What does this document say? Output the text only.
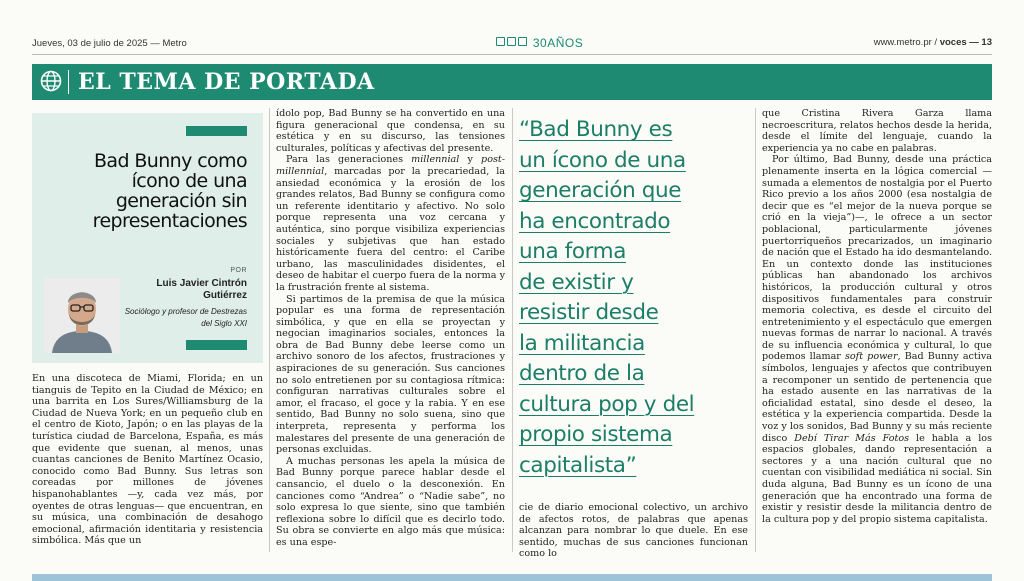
Jueves, 03 de julio de 2025 — Metro	30AÑOS	www.metro.pr / voces — 13
EL TEMA DE PORTADA
Bad Bunny como ícono de una generación sin representaciones
POR
Luis Javier Cintrón Gutiérrez
Sociólogo y profesor de Destrezas del Siglo XXI

En una discoteca de Miami, Florida; en un tianguis de Tepito en la Ciudad de México; en una barrita en Los Sures/Williamsburg de la Ciudad de Nueva York; en un pequeño club en el centro de Kioto, Japón; o en las playas de la turística ciudad de Barcelona, España, es más que evidente que suenan, al menos, unas cuantas canciones de Benito Martínez Ocasio, conocido como Bad Bunny. Sus letras son coreadas por millones de jóvenes hispanohablantes —y, cada vez más, por oyentes de otras lenguas— que encuentran, en su música, una combinación de desahogo emocional, afirmación identitaria y resistencia simbólica. Más que un

ídolo pop, Bad Bunny se ha convertido en una figura generacional que condensa, en su estética y en su discurso, las tensiones culturales, políticas y afectivas del presente.

Para las generaciones millennial y post-millennial, marcadas por la precariedad, la ansiedad económica y la erosión de los grandes relatos, Bad Bunny se configura como un referente identitario y afectivo. No solo porque representa una voz cercana y auténtica, sino porque visibiliza experiencias sociales y subjetivas que han estado históricamente fuera del centro: el Caribe urbano, las masculinidades disidentes, el deseo de habitar el cuerpo fuera de la norma y la frustración frente al sistema.

Si partimos de la premisa de que la música popular es una forma de representación simbólica, y que en ella se proyectan y negocian imaginarios sociales, entonces la obra de Bad Bunny debe leerse como un archivo sonoro de los afectos, frustraciones y aspiraciones de su generación. Sus canciones no solo entretienen por su contagiosa rítmica: configuran narrativas culturales sobre el amor, el fracaso, el goce y la rabia. Y en ese sentido, Bad Bunny no solo suena, sino que interpreta, representa y performa los malestares del presente de una generación de personas excluidas.

A muchas personas les apela la música de Bad Bunny porque parece hablar desde el cansancio, el duelo o la desconexión. En canciones como “Andrea” o “Nadie sabe”, no solo expresa lo que siente, sino que también reflexiona sobre lo difícil que es decirlo todo. Su obra se convierte en algo más que música: es una espe-

“Bad Bunny es
un ícono de una
generación que
ha encontrado
una forma
de existir y
resistir desde
la militancia
dentro de la
cultura pop y del
propio sistema
capitalista”

cie de diario emocional colectivo, un archivo de afectos rotos, de palabras que apenas alcanzan para nombrar lo que duele. En ese sentido, muchas de sus canciones funcionan como lo

que Cristina Rivera Garza llama necroescritura, relatos hechos desde la herida, desde el límite del lenguaje, cuando la experiencia ya no cabe en palabras.

Por último, Bad Bunny, desde una práctica plenamente inserta en la lógica comercial —sumada a elementos de nostalgia por el Puerto Rico previo a los años 2000 (esa nostalgia de decir que es “el mejor de la nueva porque se crió en la vieja”)—, le ofrece a un sector poblacional, particularmente jóvenes puertorriqueños precarizados, un imaginario de nación que el Estado ha ido desmantelando. En un contexto donde las instituciones públicas han abandonado los archivos históricos, la producción cultural y otros dispositivos fundamentales para construir memoria colectiva, es desde el circuito del entretenimiento y el espectáculo que emergen nuevas formas de narrar lo nacional. A través de su influencia económica y cultural, lo que podemos llamar soft power, Bad Bunny activa símbolos, lenguajes y afectos que contribuyen a recomponer un sentido de pertenencia que ha estado ausente en las narrativas de la oficialidad estatal, sino desde el deseo, la estética y la experiencia compartida. Desde la voz y los sonidos, Bad Bunny y su más reciente disco Debí Tirar Más Fotos le habla a los espacios globales, dando representación a sectores y a una nación cultural que no cuentan con visibilidad mediática ni social. Sin duda alguna, Bad Bunny es un ícono de una generación que ha encontrado una forma de existir y resistir desde la militancia dentro de la cultura pop y del propio sistema capitalista.
